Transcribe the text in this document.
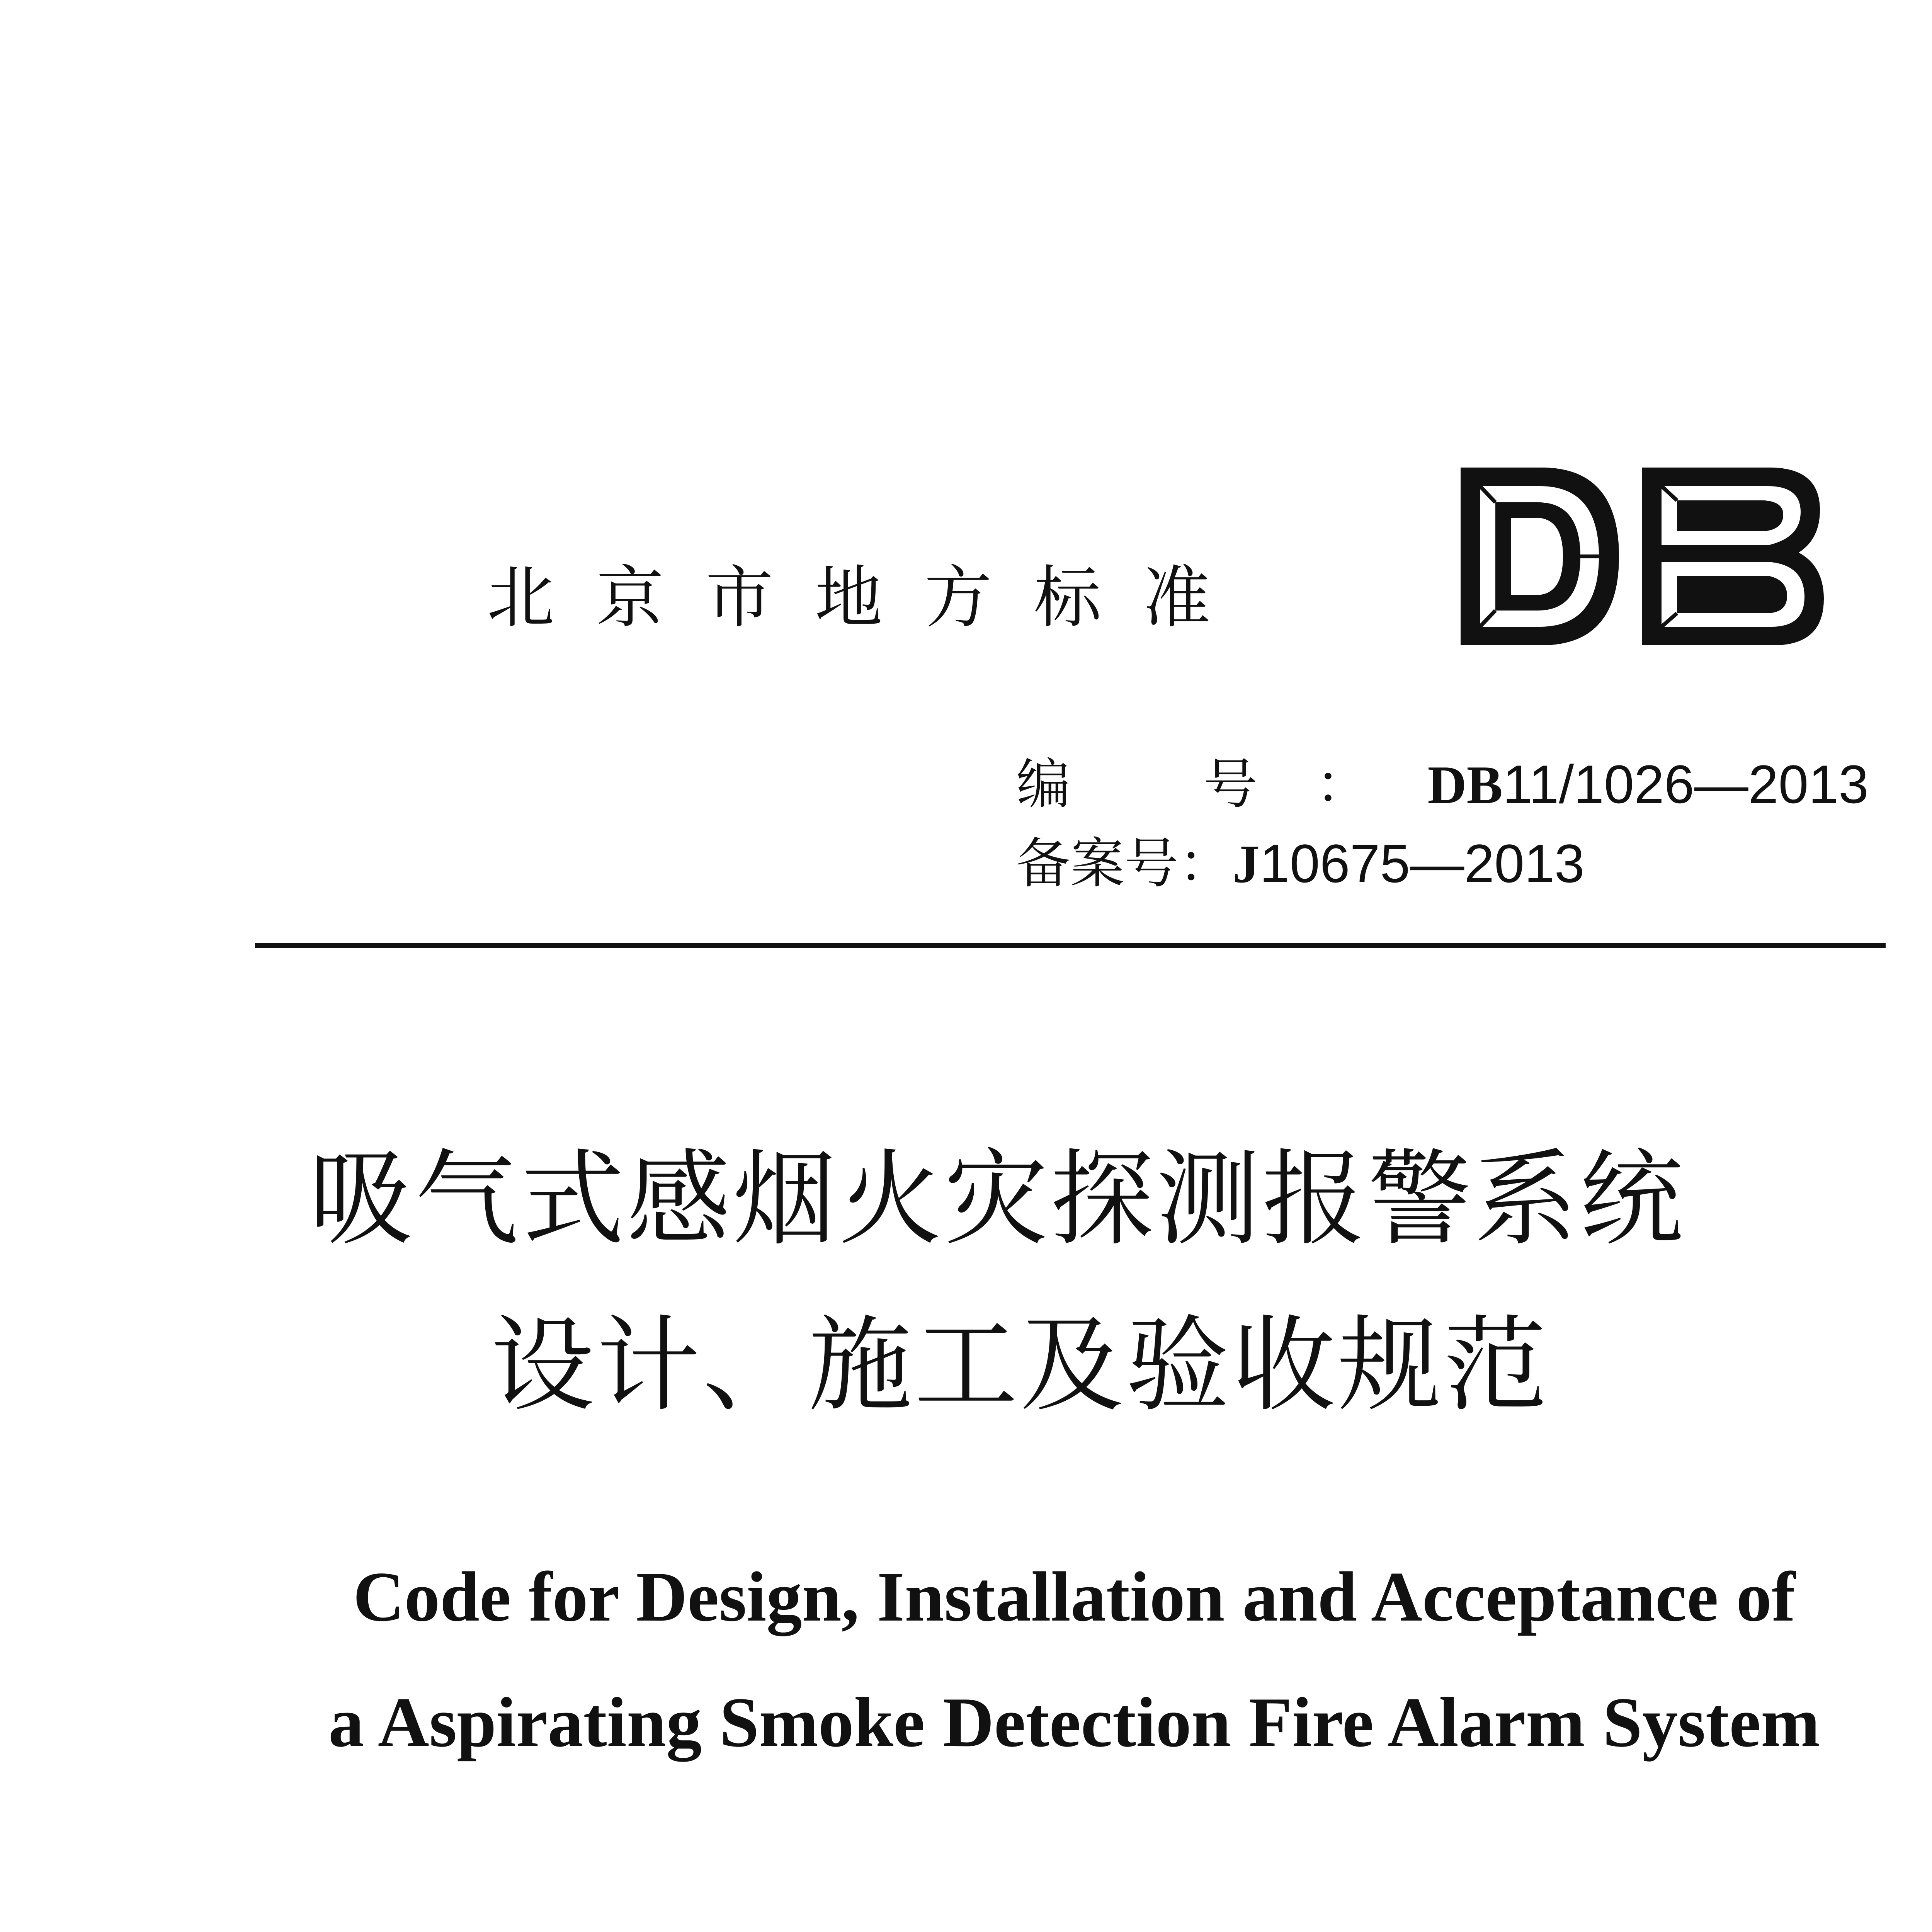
北京市地方标准
编 号：DB11/1026—2013
备案号：J10675—2013
吸气式感烟火灾探测报警系统
设计、施工及验收规范
Code for Design, Installation and Acceptance of
a Aspirating Smoke Detection Fire Alarm System
